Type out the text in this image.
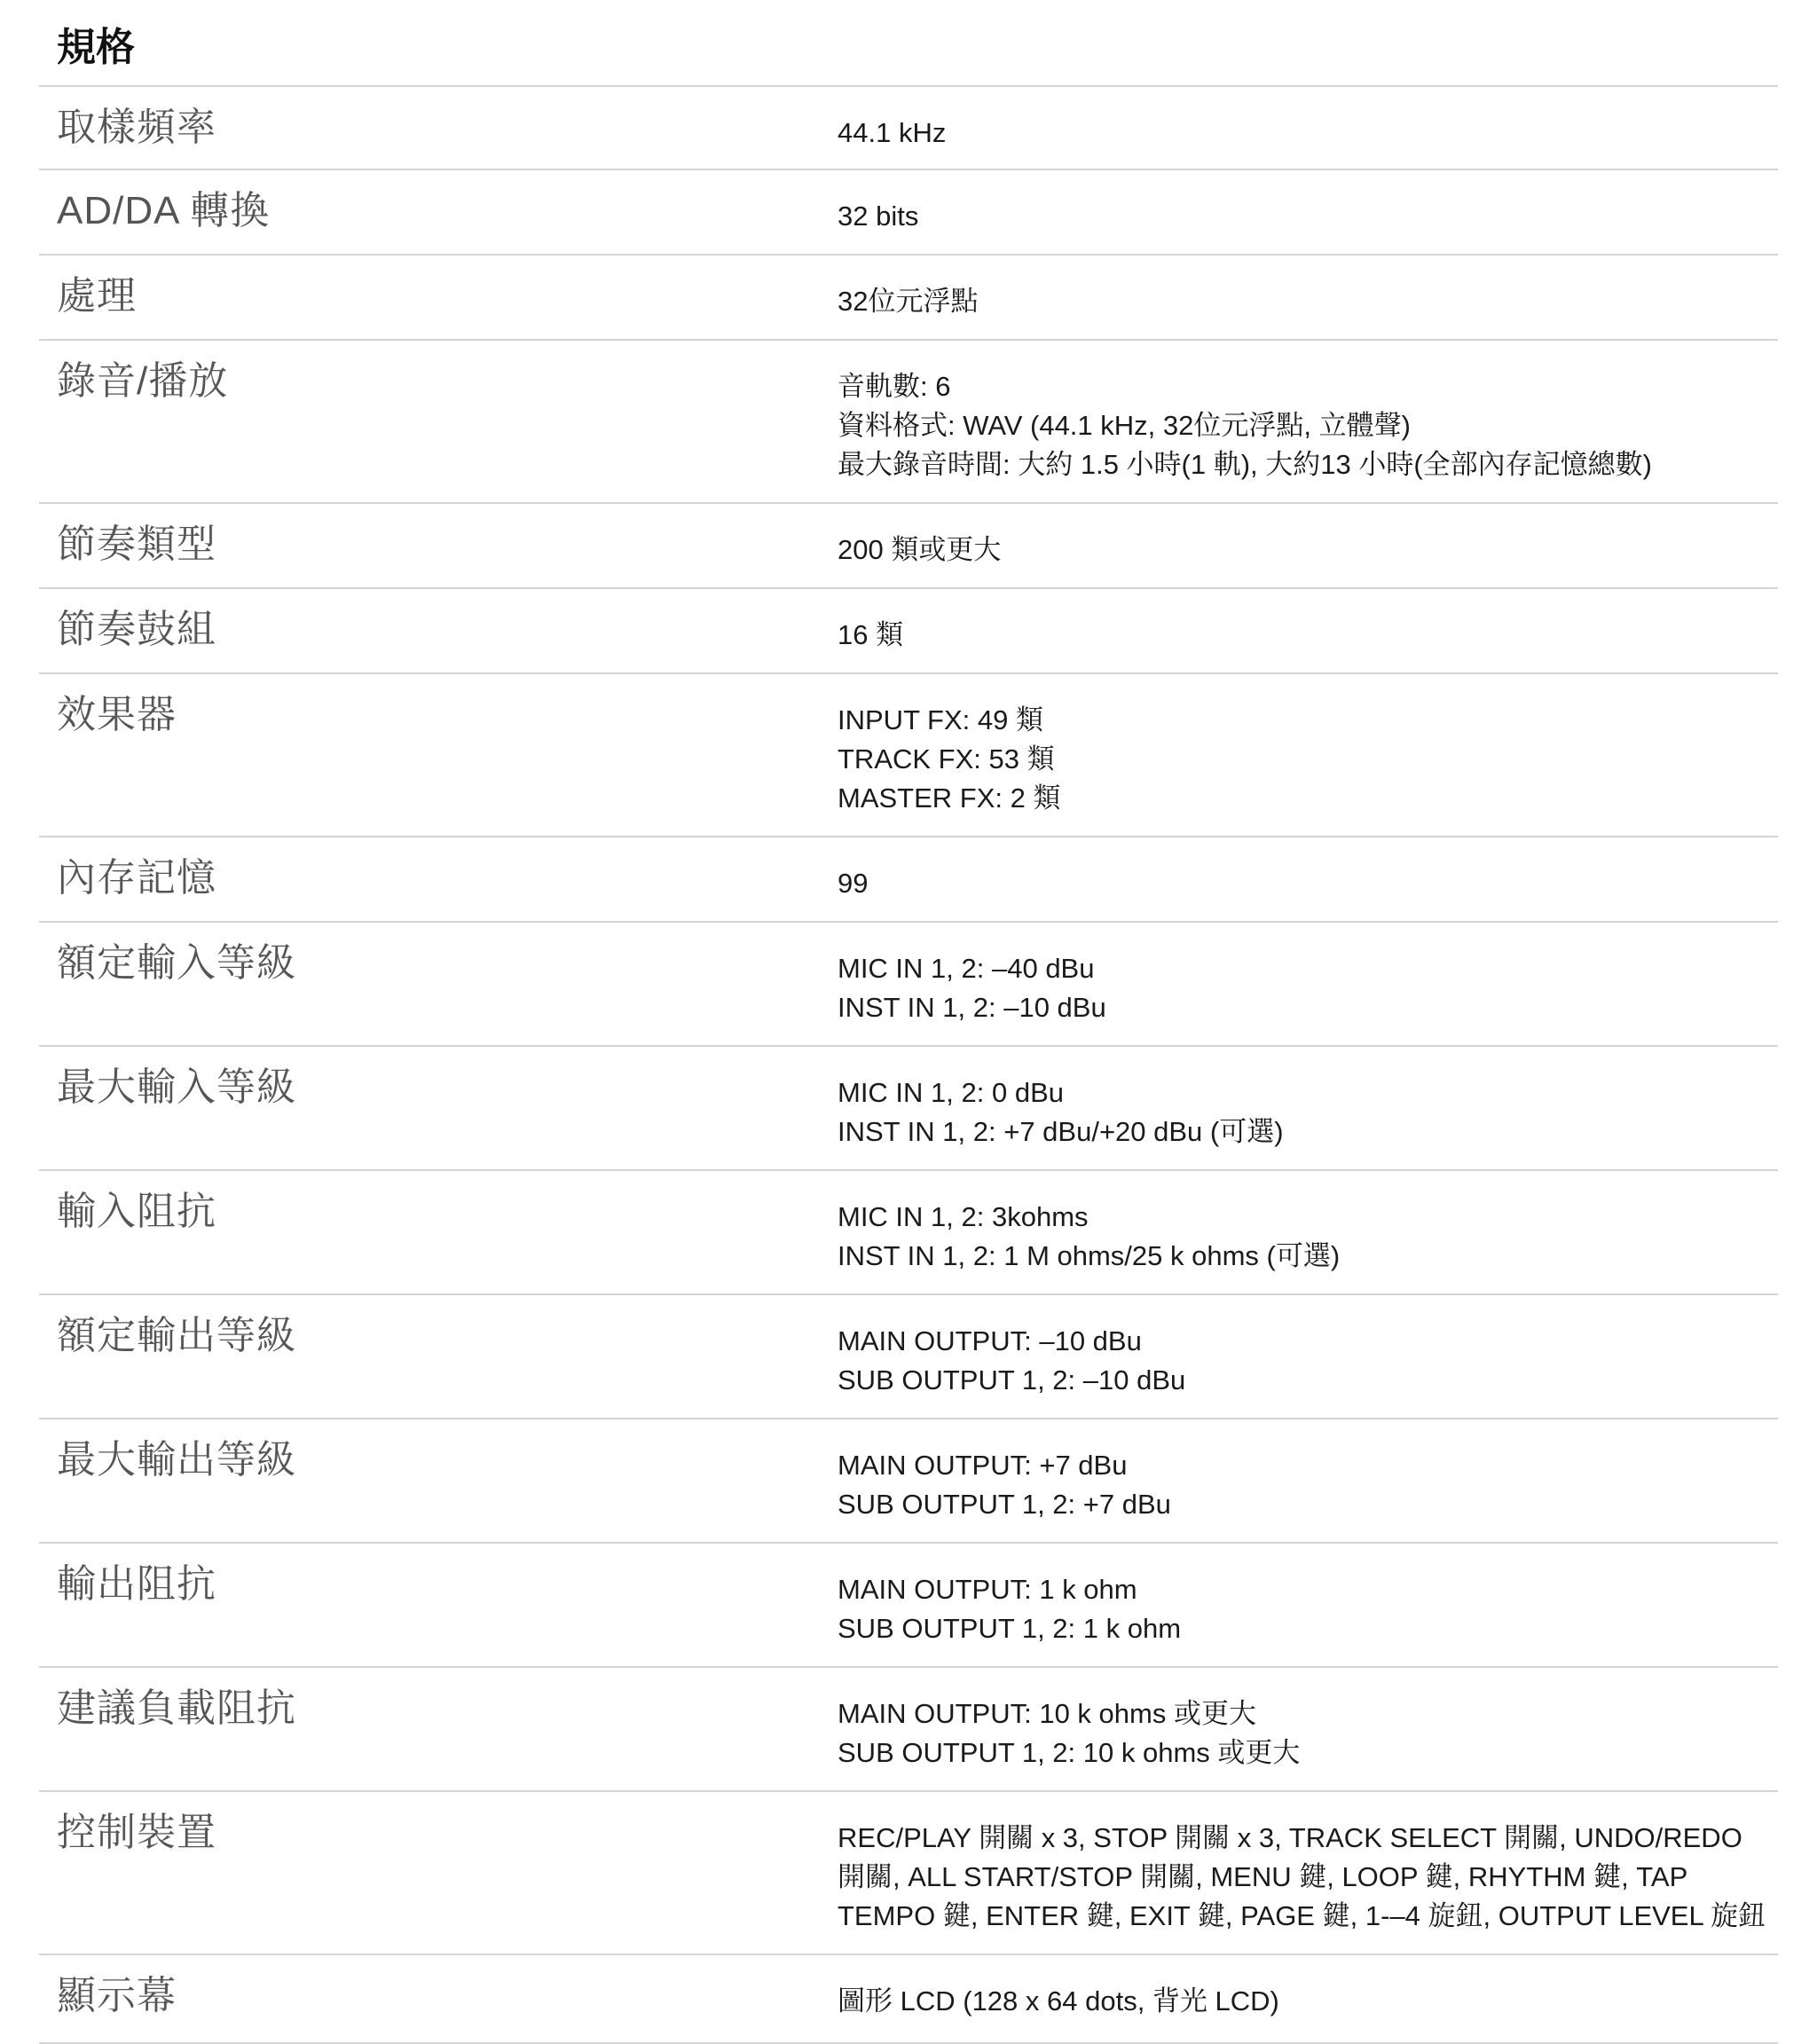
規格
取樣頻率	44.1 kHz
AD/DA 轉換	32 bits
處理	32位元浮點
錄音/播放	音軌數: 6
資料格式: WAV (44.1 kHz, 32位元浮點, 立體聲)
最大錄音時間: 大約 1.5 小時(1 軌), 大約13 小時(全部內存記憶總數)
節奏類型	200 類或更大
節奏鼓組	16 類
效果器	INPUT FX: 49 類
TRACK FX: 53 類
MASTER FX: 2 類
內存記憶	99
額定輸入等級	MIC IN 1, 2: –40 dBu
INST IN 1, 2: –10 dBu
最大輸入等級	MIC IN 1, 2: 0 dBu
INST IN 1, 2: +7 dBu/+20 dBu (可選)
輸入阻抗	MIC IN 1, 2: 3kohms
INST IN 1, 2: 1 M ohms/25 k ohms (可選)
額定輸出等級	MAIN OUTPUT: –10 dBu
SUB OUTPUT 1, 2: –10 dBu
最大輸出等級	MAIN OUTPUT: +7 dBu
SUB OUTPUT 1, 2: +7 dBu
輸出阻抗	MAIN OUTPUT: 1 k ohm
SUB OUTPUT 1, 2: 1 k ohm
建議負載阻抗	MAIN OUTPUT: 10 k ohms 或更大
SUB OUTPUT 1, 2: 10 k ohms 或更大
控制裝置	REC/PLAY 開關 x 3, STOP 開關 x 3, TRACK SELECT 開關, UNDO/REDO
開關, ALL START/STOP 開關, MENU 鍵, LOOP 鍵, RHYTHM 鍵, TAP
TEMPO 鍵, ENTER 鍵, EXIT 鍵, PAGE 鍵, 1-–4 旋鈕, OUTPUT LEVEL 旋鈕
顯示幕	圖形 LCD (128 x 64 dots, 背光 LCD)
